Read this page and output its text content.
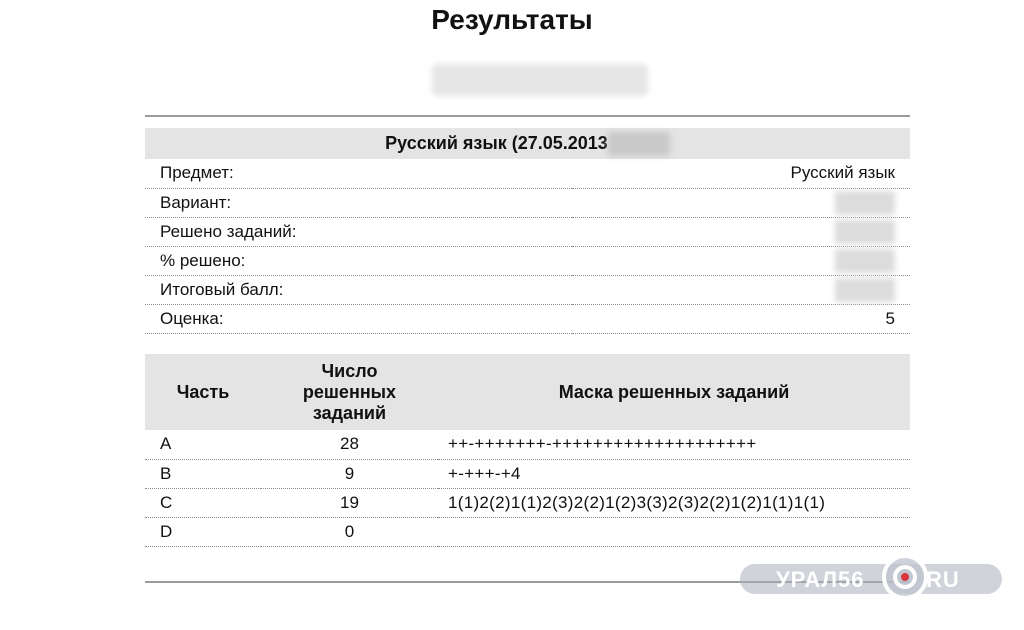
Результаты
Русский язык (27.05.2013	
Предмет:	Русский язык
Вариант:	
Решено заданий:	
% решено:	
Итоговый балл:	
Оценка:	5
Часть	Число решенных заданий	Маска решенных заданий
A	28	++-+++++++-++++++++++++++++++++
B	9	+-+++-+4
C	19	1(1)2(2)1(1)2(3)2(2)1(2)3(3)2(3)2(2)1(2)1(1)1(1)
D	0	
УРАЛ56	RU
